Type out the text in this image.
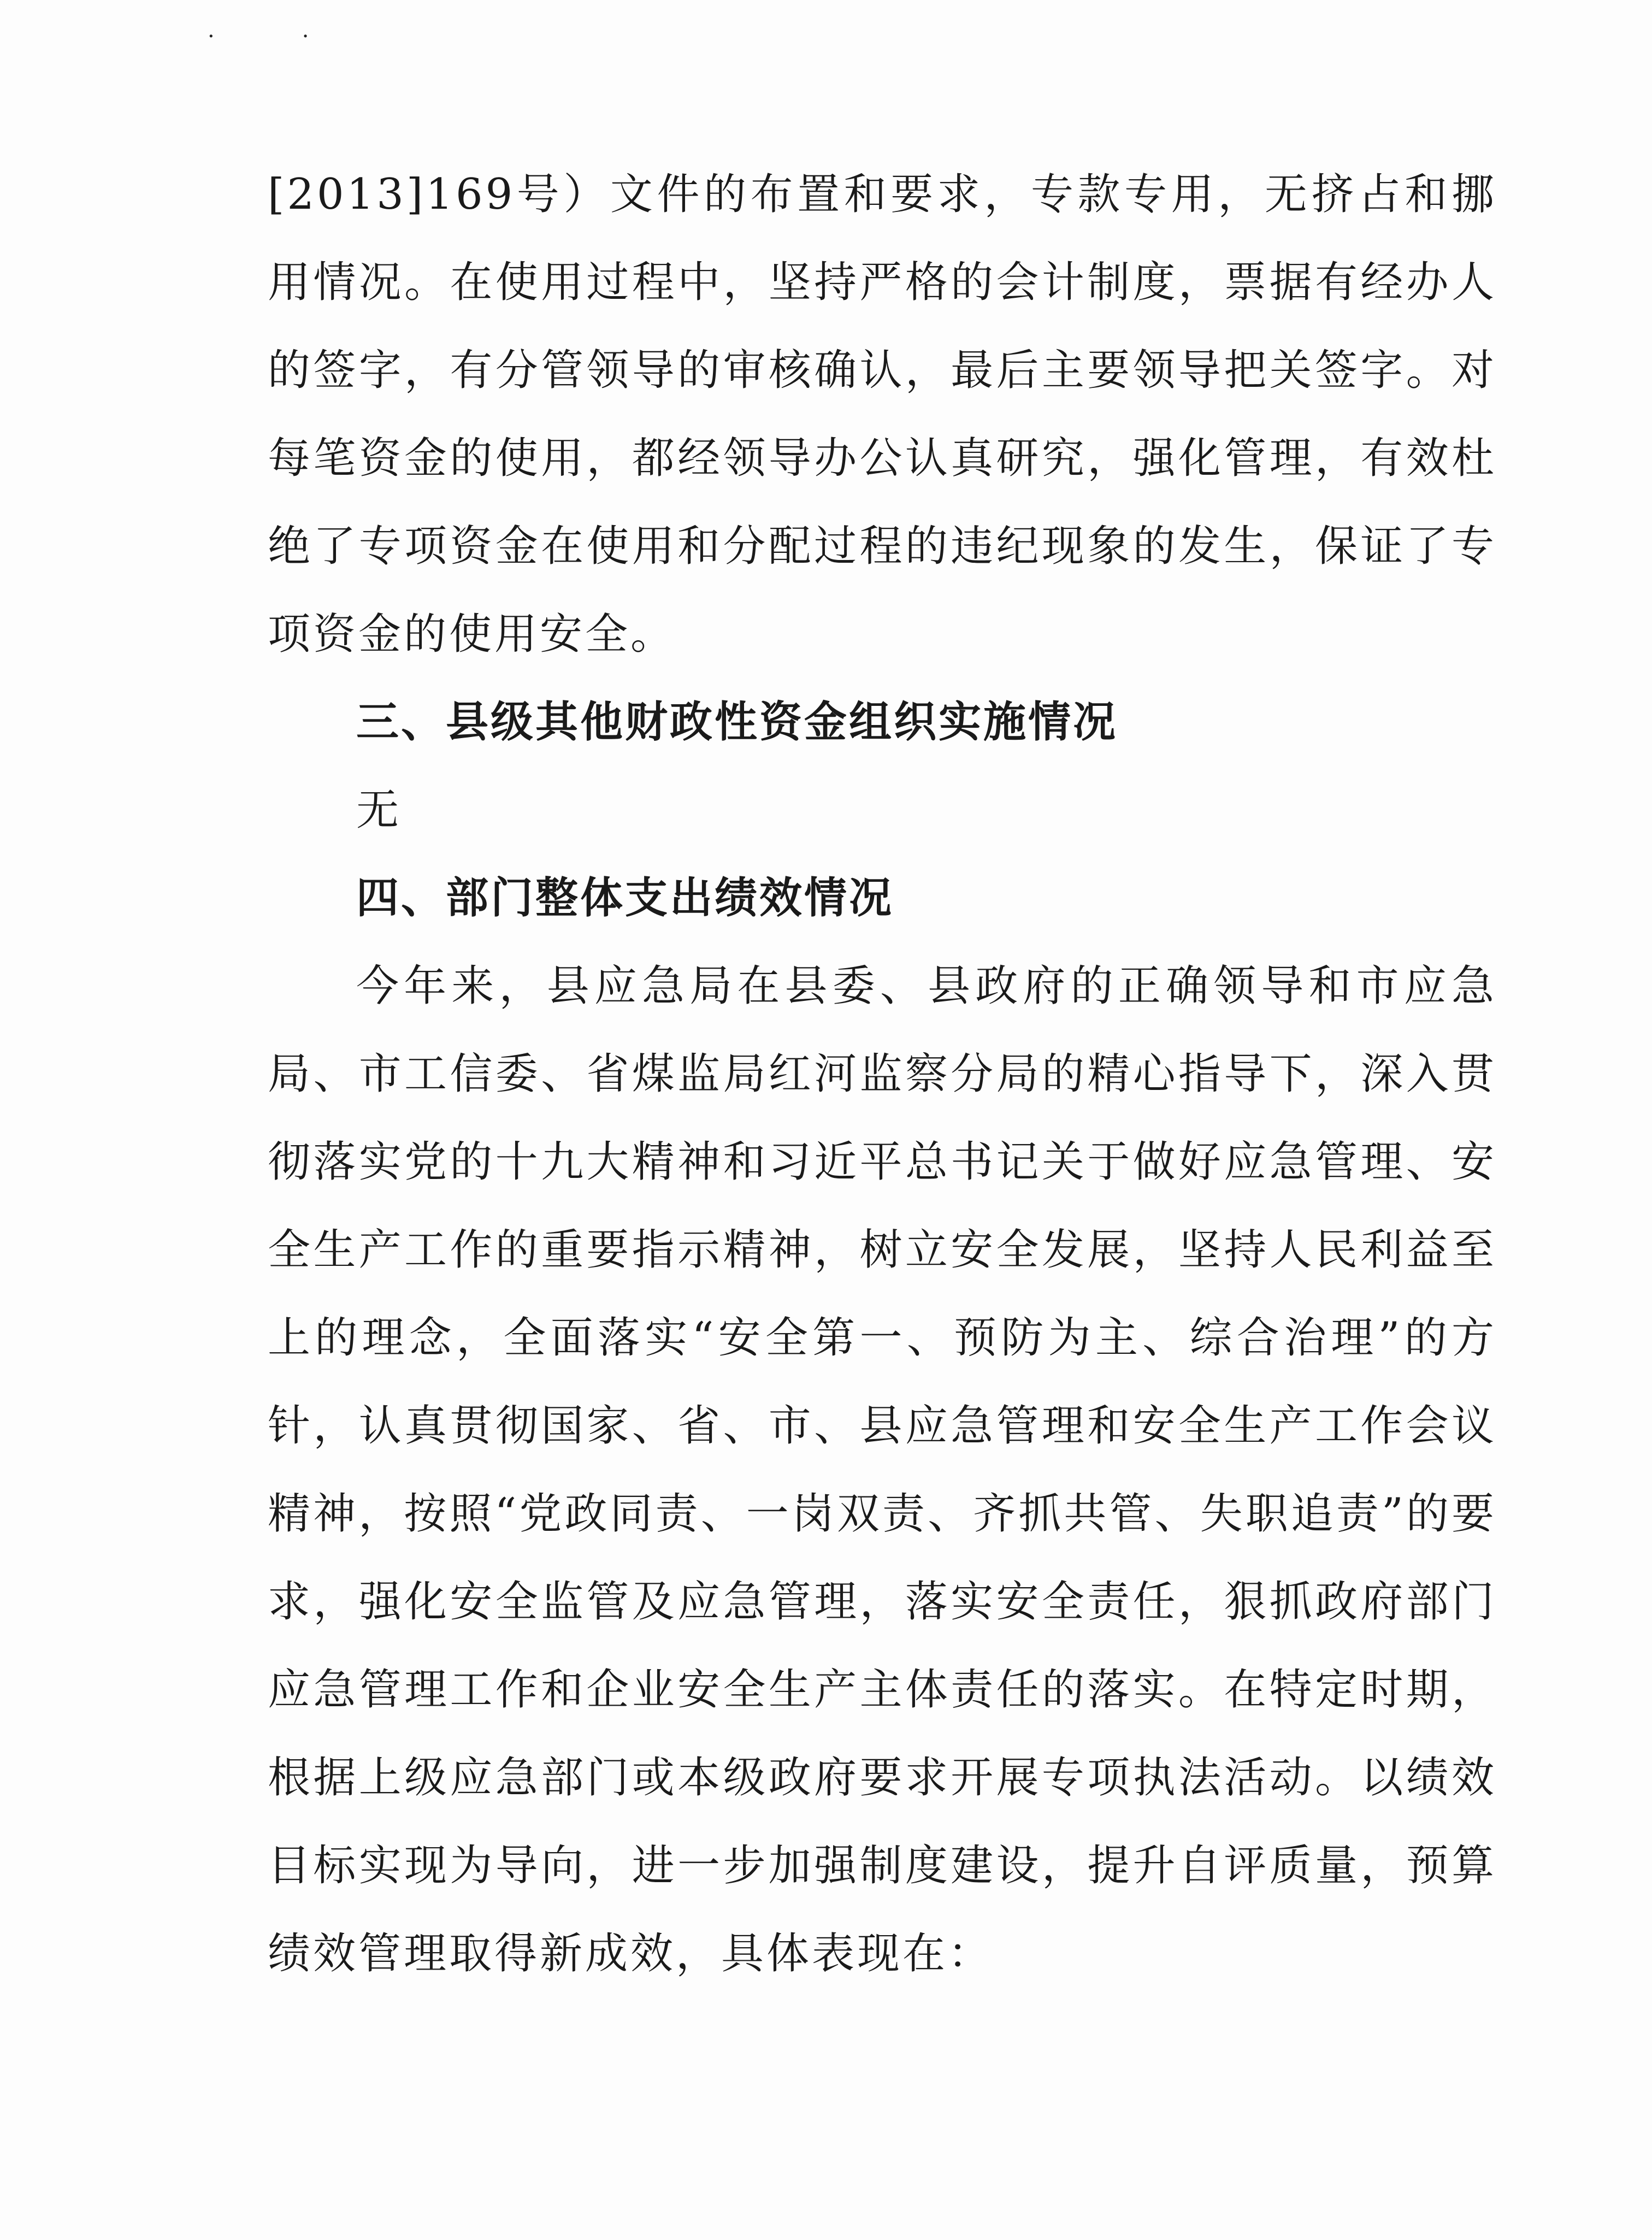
··

[2013]169号）文件的布置和要求，专款专用，无挤占和挪用情况。在使用过程中，坚持严格的会计制度，票据有经办人的签字，有分管领导的审核确认，最后主要领导把关签字。对每笔资金的使用，都经领导办公认真研究，强化管理，有效杜绝了专项资金在使用和分配过程的违纪现象的发生，保证了专项资金的使用安全。

三、县级其他财政性资金组织实施情况

无

四、部门整体支出绩效情况

今年来，县应急局在县委、县政府的正确领导和市应急局、市工信委、省煤监局红河监察分局的精心指导下，深入贯彻落实党的十九大精神和习近平总书记关于做好应急管理、安全生产工作的重要指示精神，树立安全发展，坚持人民利益至上的理念，全面落实“安全第一、预防为主、综合治理”的方针，认真贯彻国家、省、市、县应急管理和安全生产工作会议精神，按照“党政同责、一岗双责、齐抓共管、失职追责”的要求，强化安全监管及应急管理，落实安全责任，狠抓政府部门应急管理工作和企业安全生产主体责任的落实。在特定时期，根据上级应急部门或本级政府要求开展专项执法活动。以绩效目标实现为导向，进一步加强制度建设，提升自评质量，预算绩效管理取得新成效，具体表现在：
